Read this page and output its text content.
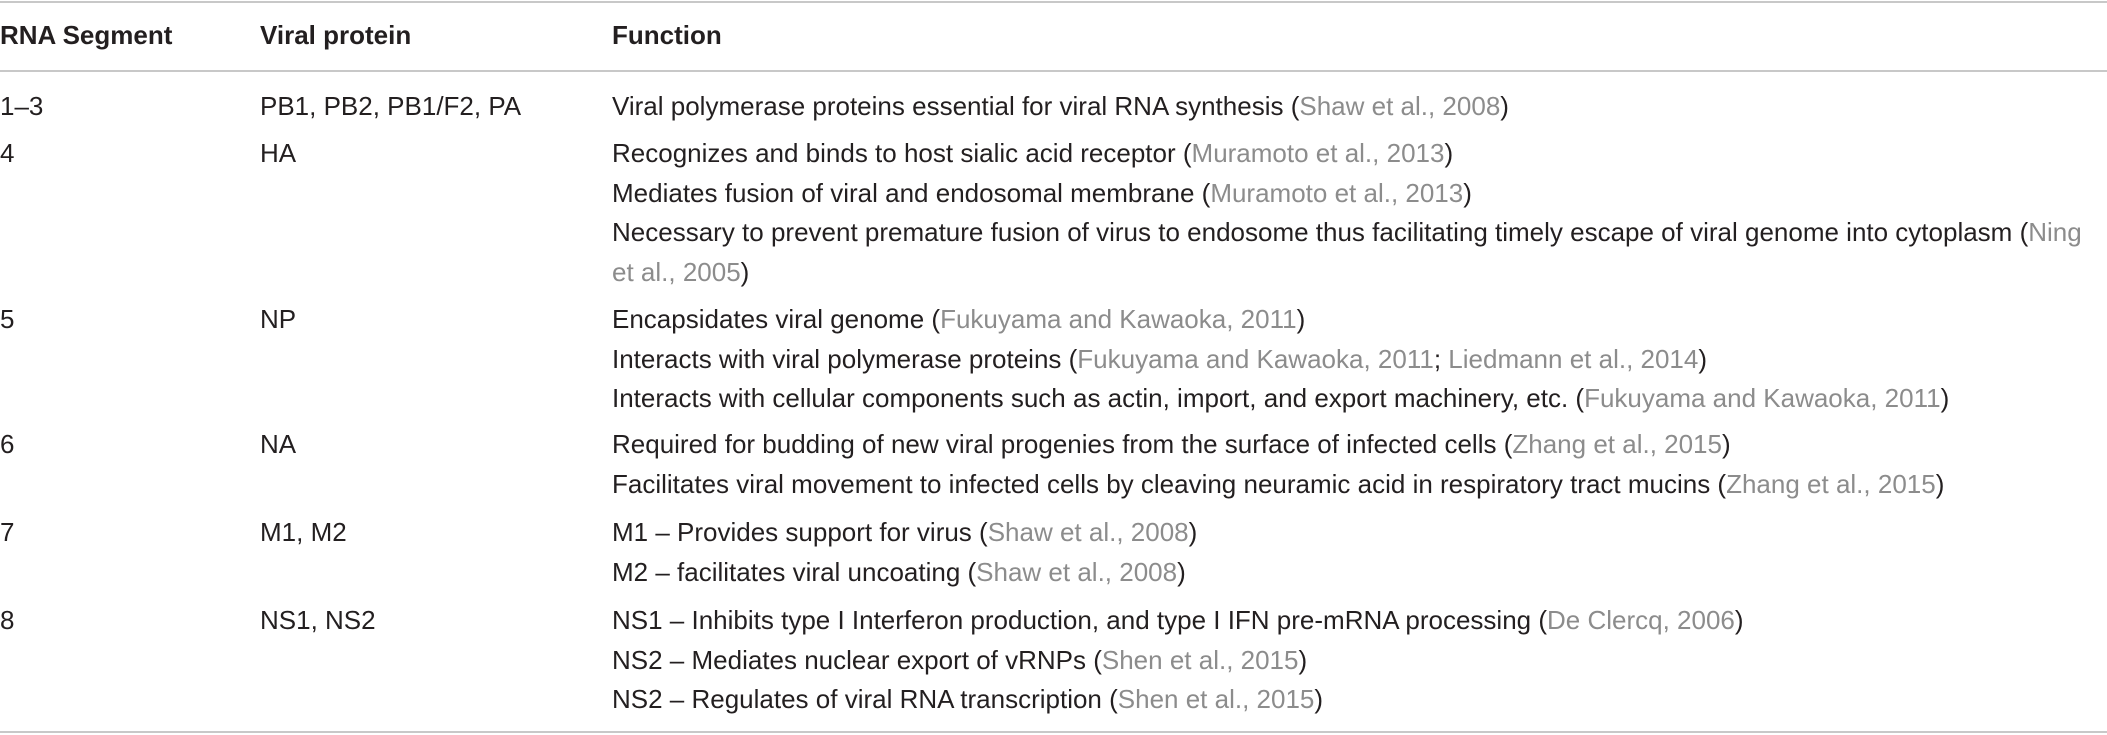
RNA Segment	Viral protein	Function
1–3	PB1, PB2, PB1/F2, PA	Viral polymerase proteins essential for viral RNA synthesis (Shaw et al., 2008)
4	HA	Recognizes and binds to host sialic acid receptor (Muramoto et al., 2013)
Mediates fusion of viral and endosomal membrane (Muramoto et al., 2013)
Necessary to prevent premature fusion of virus to endosome thus facilitating timely escape of viral genome into cytoplasm (Ning et al., 2005)
5	NP	Encapsidates viral genome (Fukuyama and Kawaoka, 2011)
Interacts with viral polymerase proteins (Fukuyama and Kawaoka, 2011; Liedmann et al., 2014)
Interacts with cellular components such as actin, import, and export machinery, etc. (Fukuyama and Kawaoka, 2011)
6	NA	Required for budding of new viral progenies from the surface of infected cells (Zhang et al., 2015)
Facilitates viral movement to infected cells by cleaving neuramic acid in respiratory tract mucins (Zhang et al., 2015)
7	M1, M2	M1 – Provides support for virus (Shaw et al., 2008)
M2 – facilitates viral uncoating (Shaw et al., 2008)
8	NS1, NS2	NS1 – Inhibits type I Interferon production, and type I IFN pre-mRNA processing (De Clercq, 2006)
NS2 – Mediates nuclear export of vRNPs (Shen et al., 2015)
NS2 – Regulates of viral RNA transcription (Shen et al., 2015)
